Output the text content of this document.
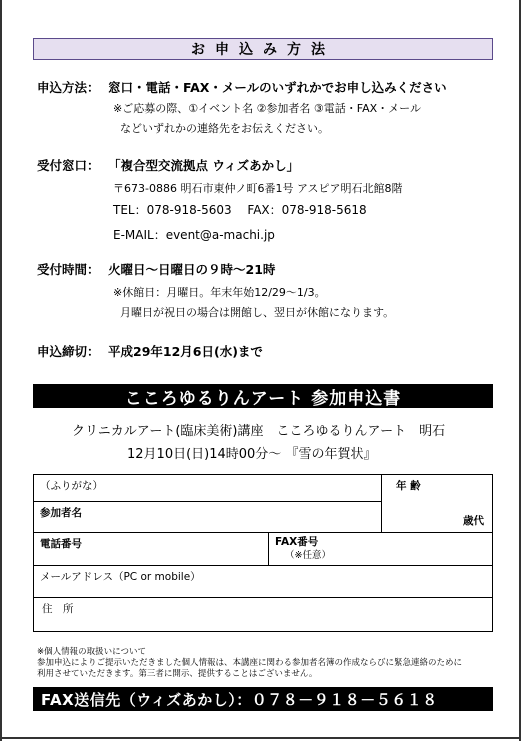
お申込み方法
申込方法： 窓口・電話・FAX・メールのいずれかでお申し込みください
※ご応募の際、①イベント名 ②参加者名 ③電話・FAX・メール
などいずれかの連絡先をお伝えください。
受付窓口： 「複合型交流拠点 ウィズあかし」
〒673-0886 明石市東仲ノ町6番1号 アスピア明石北館8階
TEL：078-918-5603　 FAX：078-918-5618
E-MAIL：event@a-machi.jp
受付時間： 火曜日～日曜日の９時～21時
※休館日：月曜日。年末年始12/29～1/3。
月曜日が祝日の場合は開館し、翌日が休館になります。
申込締切： 平成29年12月6日(水)まで
こころゆるりんアート 参加申込書
クリニカルアート(臨床美術)講座　こころゆるりんアート　明石
12月10日(日)14時00分～ 『雪の年賀状』
（ふりがな）		年 齢
歳代

参加者名		
電話番号	FAX番号
（※任意）	

メールアドレス（PC or mobile）		
住　所		
※個人情報の取扱いについて
参加申込によりご提示いただきました個人情報は、本講座に関わる参加者名簿の作成ならびに緊急連絡のために
利用させていただきます。第三者に開示、提供することはございません。
FAX送信先（ウィズあかし）：０７８－９１８－５６１８
